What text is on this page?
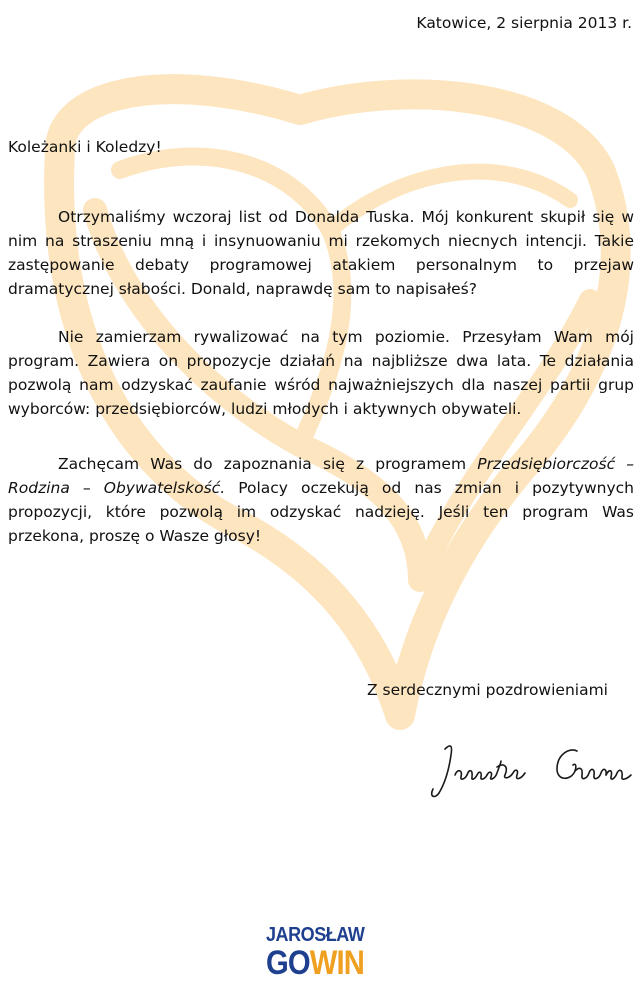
Katowice, 2 sierpnia 2013 r.
Koleżanki i Koledzy!

Otrzymaliśmy wczoraj list od Donalda Tuska. Mój konkurent skupił się w nim na straszeniu mną i insynuowaniu mi rzekomych niecnych intencji. Takie zastępowanie debaty programowej atakiem personalnym to przejaw dramatycznej słabości. Donald, naprawdę sam to napisałeś?

Nie zamierzam rywalizować na tym poziomie. Przesyłam Wam mój program. Zawiera on propozycje działań na najbliższe dwa lata. Te działania pozwolą nam odzyskać zaufanie wśród najważniejszych dla naszej partii grup wyborców: przedsiębiorców, ludzi młodych i aktywnych obywateli.

Zachęcam Was do zapoznania się z programem Przedsiębiorczość – Rodzina – Obywatelskość. Polacy oczekują od nas zmian i pozytywnych propozycji, które pozwolą im odzyskać nadzieję. Jeśli ten program Was przekona, proszę o Wasze głosy!

Z serdecznymi pozdrowieniami
JAROSŁAW
GOWIN
